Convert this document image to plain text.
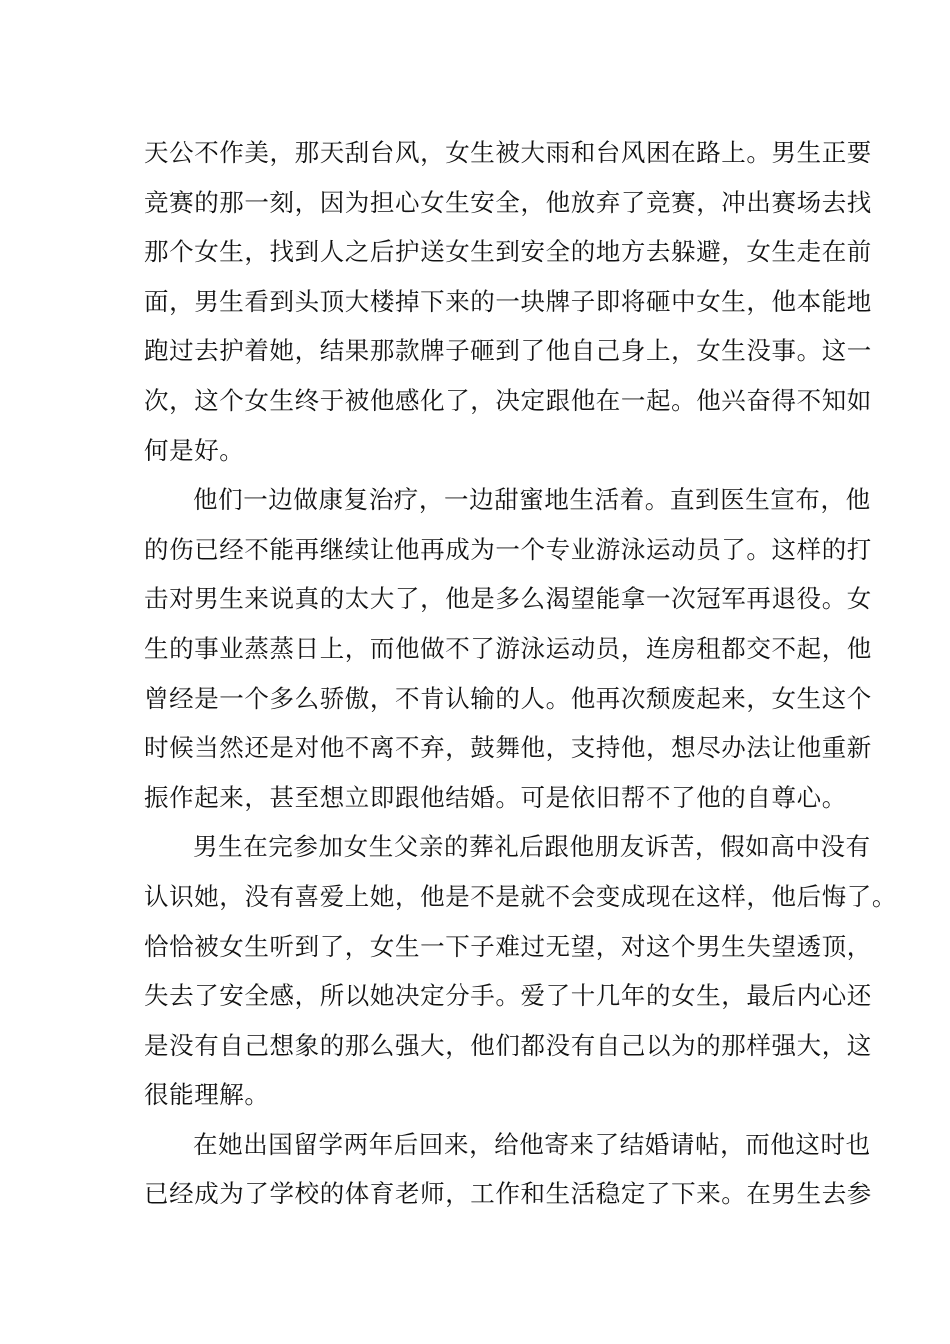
天公不作美，那天刮台风，女生被大雨和台风困在路上。男生正要
竞赛的那一刻，因为担心女生安全，他放弃了竞赛，冲出赛场去找
那个女生，找到人之后护送女生到安全的地方去躲避，女生走在前
面，男生看到头顶大楼掉下来的一块牌子即将砸中女生，他本能地
跑过去护着她，结果那款牌子砸到了他自己身上，女生没事。这一
次，这个女生终于被他感化了，决定跟他在一起。他兴奋得不知如
何是好。
他们一边做康复治疗，一边甜蜜地生活着。直到医生宣布，他
的伤已经不能再继续让他再成为一个专业游泳运动员了。这样的打
击对男生来说真的太大了，他是多么渴望能拿一次冠军再退役。女
生的事业蒸蒸日上，而他做不了游泳运动员，连房租都交不起，他
曾经是一个多么骄傲，不肯认输的人。他再次颓废起来，女生这个
时候当然还是对他不离不弃，鼓舞他，支持他，想尽办法让他重新
振作起来，甚至想立即跟他结婚。可是依旧帮不了他的自尊心。
男生在完参加女生父亲的葬礼后跟他朋友诉苦，假如高中没有
认识她，没有喜爱上她，他是不是就不会变成现在这样，他后悔了。
恰恰被女生听到了，女生一下子难过无望，对这个男生失望透顶，
失去了安全感，所以她决定分手。爱了十几年的女生，最后内心还
是没有自己想象的那么强大，他们都没有自己以为的那样强大，这
很能理解。
在她出国留学两年后回来，给他寄来了结婚请帖，而他这时也
已经成为了学校的体育老师，工作和生活稳定了下来。在男生去参
